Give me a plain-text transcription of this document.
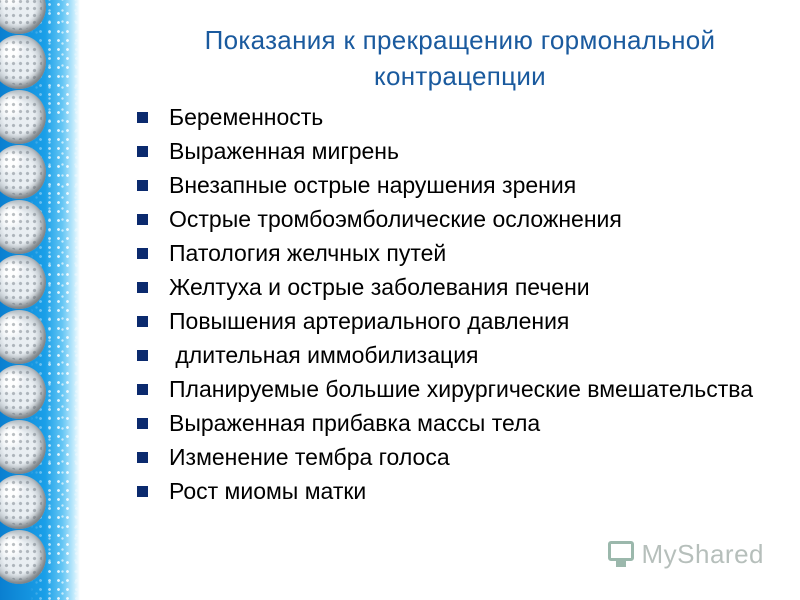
Показания к прекращению гормональной контрацепции
Беременность
Выраженная мигрень
Внезапные острые нарушения зрения
Острые тромбоэмболические осложнения
Патология желчных путей
Желтуха и острые заболевания печени
Повышения артериального давления
длительная иммобилизация
Планируемые большие хирургические вмешательства
Выраженная прибавка массы тела
Изменение тембра голоса
Рост миомы матки
MyShared
